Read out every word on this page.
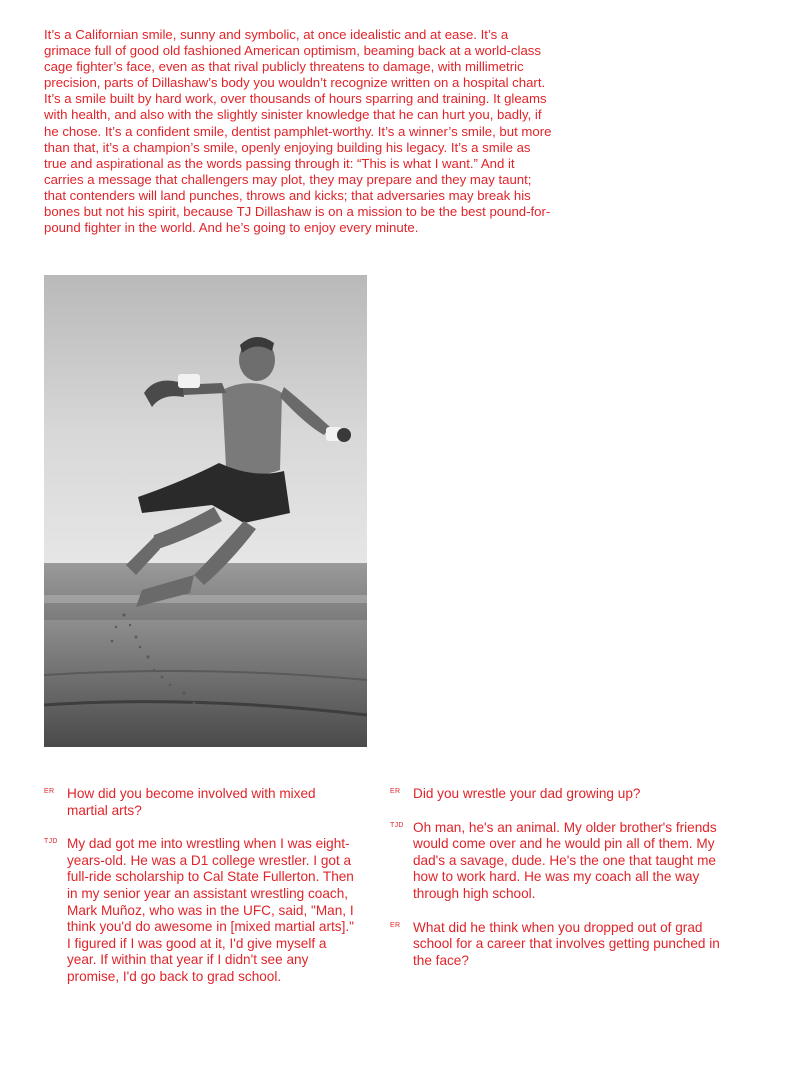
It’s a Californian smile, sunny and symbolic, at once idealistic and at ease. It’s a grimace full of good old fashioned American optimism, beaming back at a world-class cage fighter’s face, even as that rival publicly threatens to damage, with millimetric precision, parts of Dillashaw’s body you wouldn’t recognize written on a hospital chart. It’s a smile built by hard work, over thousands of hours sparring and training. It gleams with health, and also with the slightly sinister knowledge that he can hurt you, badly, if he chose. It’s a confident smile, dentist pamphlet-worthy. It’s a winner’s smile, but more than that, it’s a champion’s smile, openly enjoying building his legacy. It’s a smile as true and aspirational as the words passing through it: “This is what I want.” And it carries a message that challengers may plot, they may prepare and they may taunt; that contenders will land punches, throws and kicks; that adversaries may break his bones but not his spirit, because TJ Dillashaw is on a mission to be the best pound-for-pound fighter in the world. And he’s going to enjoy every minute.

ER How did you become involved with mixed martial arts?

TJD My dad got me into wrestling when I was eight-years-old. He was a D1 college wrestler. I got a full-ride scholarship to Cal State Fullerton. Then in my senior year an assistant wrestling coach, Mark Muñoz, who was in the UFC, said, "Man, I think you'd do awesome in [mixed martial arts]." I figured if I was good at it, I'd give myself a year. If within that year if I didn't see any promise, I'd go back to grad school.

ER Did you wrestle your dad growing up?

TJD Oh man, he's an animal. My older brother's friends would come over and he would pin all of them. My dad's a savage, dude. He's the one that taught me how to work hard. He was my coach all the way through high school.

ER What did he think when you dropped out of grad school for a career that involves getting punched in the face?
